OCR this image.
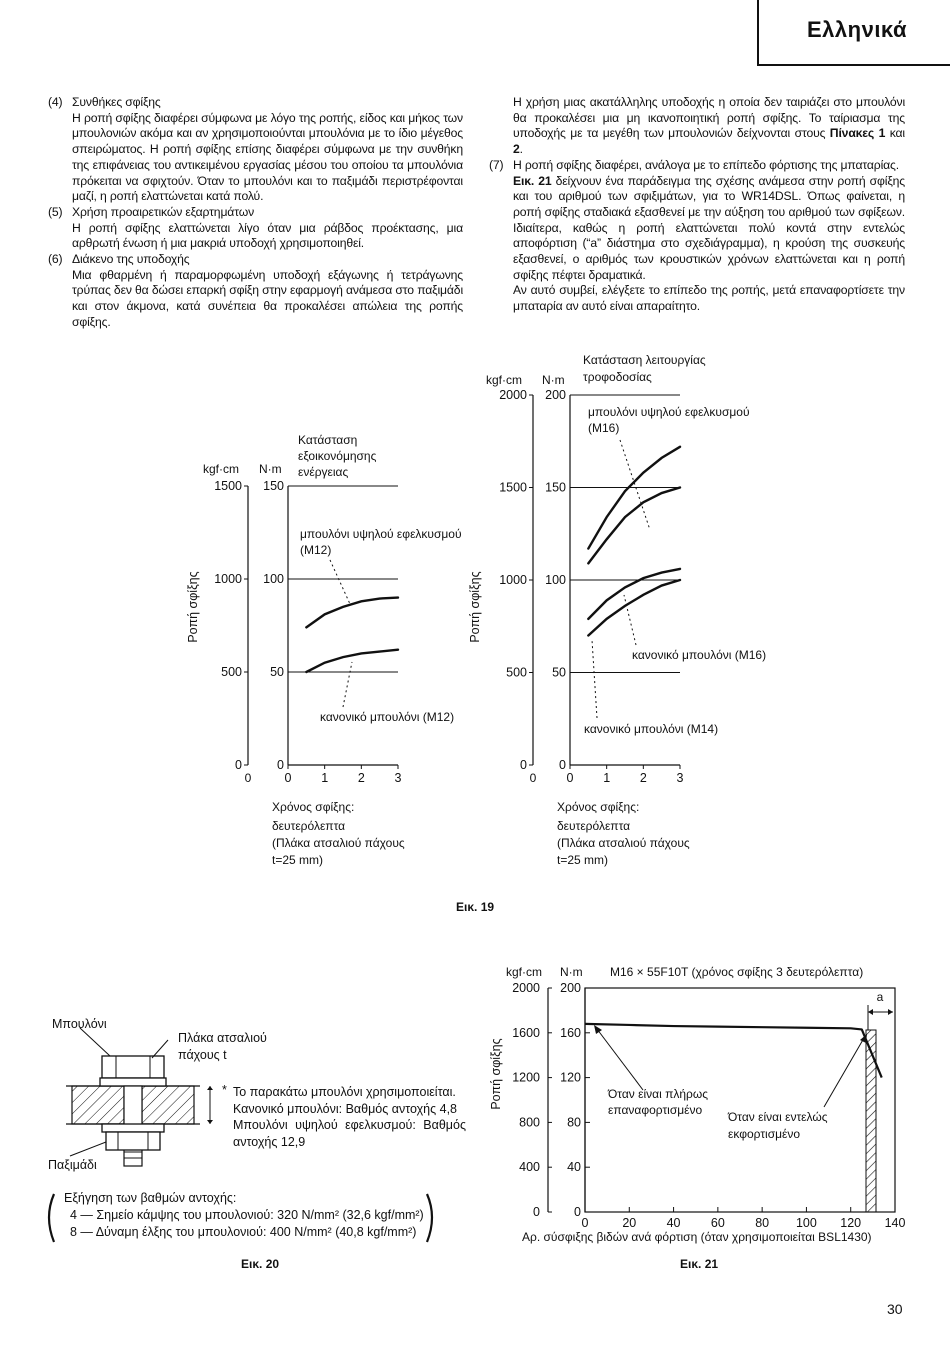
Ελληνικά
(4) Συνθήκες σφίξης

Η ροπή σφίξης διαφέρει σύμφωνα με λόγο της ροπής, είδος και μήκος των μπουλονιών ακόμα και αν χρησιμοποιούνται μπουλόνια με το ίδιο μέγεθος σπειρώματος. Η ροπή σφίξης επίσης διαφέρει σύμφωνα με την συνθήκη της επιφάνειας του αντικειμένου εργασίας μέσου του οποίου τα μπουλόνια πρόκειται να σφιχτούν. Όταν το μπουλόνι και το παξιμάδι περιστρέφονται μαζί, η ροπή ελαττώνεται κατά πολύ.

(5) Χρήση προαιρετικών εξαρτημάτων

Η ροπή σφίξης ελαττώνεται λίγο όταν μια ράβδος προέκτασης, μια αρθρωτή ένωση ή μια μακριά υποδοχή χρησιμοποιηθεί.

(6) Διάκενο της υποδοχής

Μια φθαρμένη ή παραμορφωμένη υποδοχή εξάγωνης ή τετράγωνης τρύπας δεν θα δώσει επαρκή σφίξη στην εφαρμογή ανάμεσα στο παξιμάδι και στον άκμονα, κατά συνέπεια θα προκαλέσει απώλεια της ροπής σφίξης.

Η χρήση μιας ακατάλληλης υποδοχής η οποία δεν ταιριάζει στο μπουλόνι θα προκαλέσει μια μη ικανοποιητική ροπή σφίξης. Το ταίριασμα της υποδοχής με τα μεγέθη των μπουλονιών δείχνονται στους Πίνακες 1 και 2.

(7) Η ροπή σφίξης διαφέρει, ανάλογα με το επίπεδο φόρτισης της μπαταρίας.

Εικ. 21 δείχνουν ένα παράδειγμα της σχέσης ανάμεσα στην ροπή σφίξης και του αριθμού των σφιξιμάτων, για το WR14DSL. Όπως φαίνεται, η ροπή σφίξης σταδιακά εξασθενεί με την αύξηση του αριθμού των σφίξεων. Ιδιαίτερα, καθώς η ροπή ελαττώνεται πολύ κοντά στην εντελώς αποφόρτιση (“a” διάστημα στο σχεδιάγραμμα), η κρούση της συσκευής εξασθενεί, ο αριθμός των κρουστικών χρόνων ελαττώνεται και η ροπή σφίξης πέφτει δραματικά.

Αν αυτό συμβεί, ελέγξετε το επίπεδο της ροπής, μετά επαναφορτίσετε την μπαταρία αν αυτό είναι απαραίτητο.

Κατάσταση
εξοικονόμησης
ενέργειας
kgf·cm N·m
Ροπή σφίξης
1500 150
1000 100
500 50
0	0
0 1 2 3
0
μπουλόνι υψηλού εφελκυσμού
(M12)
κανονικό μπουλόνι (M12)
Χρόνος σφίξης:
δευτερόλεπτα
(Πλάκα ατσαλιού πάχους
t=25 mm)
Κατάσταση λειτουργίας
τροφοδοσίας
kgf·cm N·m
Ροπή σφίξης
2000 200
1500 150
1000 100
500 50
0	0
0 1 2 3
0
μπουλόνι υψηλού εφελκυσμού
(M16)
κανονικό μπουλόνι (M16)
κανονικό μπουλόνι (M14)
Χρόνος σφίξης:
δευτερόλεπτα
(Πλάκα ατσαλιού πάχους
t=25 mm)
Εικ. 19
Μπουλόνι
Πλάκα ατσαλιού
πάχους t
Παξιμάδι
* Το παρακάτω μπουλόνι χρησιμοποιείται.
Κανονικό μπουλόνι: Βαθμός αντοχής 4,8
Μπουλόνι υψηλού εφελκυσμού: Βαθμός
αντοχής 12,9
Εξήγηση των βαθμών αντοχής:
4 — Σημείο κάμψης του μπουλονιού: 320 N/mm² (32,6 kgf/mm²)
8 — Δύναμη έλξης του μπουλονιού: 400 N/mm² (40,8 kgf/mm²)
Εικ. 20
kgf·cm N·m M16 × 55F10T (χρόνος σφίξης 3 δευτερόλεπτα)
Ροπή σφίξης
2000 200
1600 160
1200 120
800 80
400 40
0	0
0	20 40 60 80 100 120 140
a
Όταν είναι πλήρως
επαναφορτισμένο Όταν είναι εντελώς
εκφορτισμένο
Αρ. σύσφιξης βιδών ανά φόρτιση (όταν χρησιμοποιείται BSL1430)
Εικ. 21
30
